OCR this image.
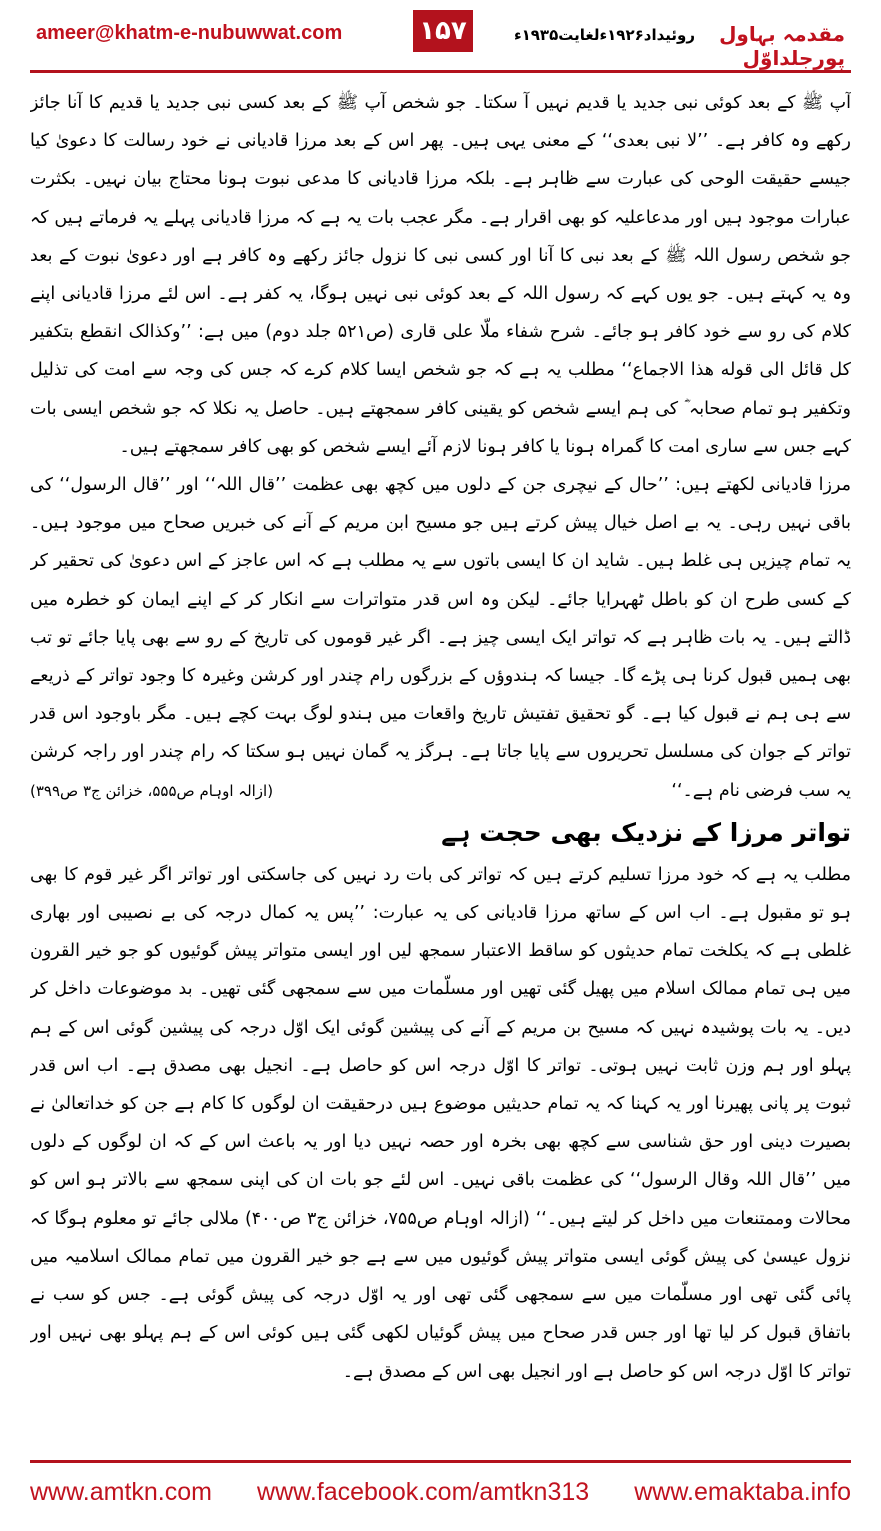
ameer@khatm-e-nubuwwat.com	۱۵۷	روئیداد۱۹۲۶ءلغایت۱۹۳۵ء	مقدمہ بہاول پورجلداوّل

آپ ﷺ کے بعد کوئی نبی جدید یا قدیم نہیں آ سکتا۔ جو شخص آپ ﷺ کے بعد کسی نبی جدید یا قدیم کا آنا جائز رکھے وہ کافر ہے۔ ’’لا نبی بعدی‘‘ کے معنی یہی ہیں۔ پھر اس کے بعد مرزا قادیانی نے خود رسالت کا دعویٰ کیا جیسے حقیقت الوحی کی عبارت سے ظاہر ہے۔ بلکہ مرزا قادیانی کا مدعی نبوت ہونا محتاج بیان نہیں۔ بکثرت عبارات موجود ہیں اور مدعاعلیہ کو بھی اقرار ہے۔ مگر عجب بات یہ ہے کہ مرزا قادیانی پہلے یہ فرماتے ہیں کہ جو شخص رسول اللہ ﷺ کے بعد نبی کا آنا اور کسی نبی کا نزول جائز رکھے وہ کافر ہے اور دعویٰ نبوت کے بعد وہ یہ کہتے ہیں۔ جو یوں کہے کہ رسول اللہ کے بعد کوئی نبی نہیں ہوگا، یہ کفر ہے۔ اس لئے مرزا قادیانی اپنے کلام کی رو سے خود کافر ہو جائے۔ شرح شفاء ملّا علی قاری (ص۵۲۱ جلد دوم) میں ہے: ’’وکذالک انقطع بتکفیر کل قائل الی قوله هذا الاجماع‘‘ مطلب یہ ہے کہ جو شخص ایسا کلام کرے کہ جس کی وجہ سے امت کی تذلیل وتکفیر ہو تمام صحابہ ؓ کی ہم ایسے شخص کو یقینی کافر سمجھتے ہیں۔ حاصل یہ نکلا کہ جو شخص ایسی بات کہے جس سے ساری امت کا گمراہ ہونا یا کافر ہونا لازم آئے ایسے شخص کو بھی کافر سمجھتے ہیں۔

مرزا قادیانی لکھتے ہیں: ’’حال کے نیچری جن کے دلوں میں کچھ بھی عظمت ’’قال اللہ‘‘ اور ’’قال الرسول‘‘ کی باقی نہیں رہی۔ یہ بے اصل خیال پیش کرتے ہیں جو مسیح ابن مریم کے آنے کی خبریں صحاح میں موجود ہیں۔ یہ تمام چیزیں ہی غلط ہیں۔ شاید ان کا ایسی باتوں سے یہ مطلب ہے کہ اس عاجز کے اس دعویٰ کی تحقیر کر کے کسی طرح ان کو باطل ٹھہرایا جائے۔ لیکن وہ اس قدر متواترات سے انکار کر کے اپنے ایمان کو خطرہ میں ڈالتے ہیں۔ یہ بات ظاہر ہے کہ تواتر ایک ایسی چیز ہے۔ اگر غیر قوموں کی تاریخ کے رو سے بھی پایا جائے تو تب بھی ہمیں قبول کرنا ہی پڑے گا۔ جیسا کہ ہندوؤں کے بزرگوں رام چندر اور کرشن وغیرہ کا وجود تواتر کے ذریعے سے ہی ہم نے قبول کیا ہے۔ گو تحقیق تفتیش تاریخ واقعات میں ہندو لوگ بہت کچے ہیں۔ مگر باوجود اس قدر تواتر کے جوان کی مسلسل تحریروں سے پایا جاتا ہے۔ ہرگز یہ گمان نہیں ہو سکتا کہ رام چندر اور راجہ کرشن یہ سب فرضی نام ہے۔‘‘
(ازالہ اوہام ص۵۵۵، خزائن ج۳ ص۳۹۹)

تواتر مرزا کے نزدیک بھی حجت ہے

مطلب یہ ہے کہ خود مرزا تسلیم کرتے ہیں کہ تواتر کی بات رد نہیں کی جاسکتی اور تواتر اگر غیر قوم کا بھی ہو تو مقبول ہے۔ اب اس کے ساتھ مرزا قادیانی کی یہ عبارت: ’’پس یہ کمال درجہ کی بے نصیبی اور بھاری غلطی ہے کہ یکلخت تمام حدیثوں کو ساقط الاعتبار سمجھ لیں اور ایسی متواتر پیش گوئیوں کو جو خیر القرون میں ہی تمام ممالک اسلام میں پھیل گئی تھیں اور مسلّمات میں سے سمجھی گئی تھیں۔ بد موضوعات داخل کر دیں۔ یہ بات پوشیدہ نہیں کہ مسیح بن مریم کے آنے کی پیشین گوئی ایک اوّل درجہ کی پیشین گوئی اس کے ہم پہلو اور ہم وزن ثابت نہیں ہوتی۔ تواتر کا اوّل درجہ اس کو حاصل ہے۔ انجیل بھی مصدق ہے۔ اب اس قدر ثبوت پر پانی پھیرنا اور یہ کہنا کہ یہ تمام حدیثیں موضوع ہیں درحقیقت ان لوگوں کا کام ہے جن کو خداتعالیٰ نے بصیرت دینی اور حق شناسی سے کچھ بھی بخرہ اور حصہ نہیں دیا اور یہ باعث اس کے کہ ان لوگوں کے دلوں میں ’’قال اللہ وقال الرسول‘‘ کی عظمت باقی نہیں۔ اس لئے جو بات ان کی اپنی سمجھ سے بالاتر ہو اس کو محالات وممتنعات میں داخل کر لیتے ہیں۔‘‘ (ازالہ اوہام ص۷۵۵، خزائن ج۳ ص۴۰۰) ملالی جائے تو معلوم ہوگا کہ نزول عیسیٰ کی پیش گوئی ایسی متواتر پیش گوئیوں میں سے ہے جو خیر القرون میں تمام ممالک اسلامیہ میں پائی گئی تھی اور مسلّمات میں سے سمجھی گئی تھی اور یہ اوّل درجہ کی پیش گوئی ہے۔ جس کو سب نے باتفاق قبول کر لیا تھا اور جس قدر صحاح میں پیش گوئیاں لکھی گئی ہیں کوئی اس کے ہم پہلو بھی نہیں اور تواتر کا اوّل درجہ اس کو حاصل ہے اور انجیل بھی اس کے مصدق ہے۔

www.amtkn.com www.facebook.com/amtkn313 www.emaktaba.info
